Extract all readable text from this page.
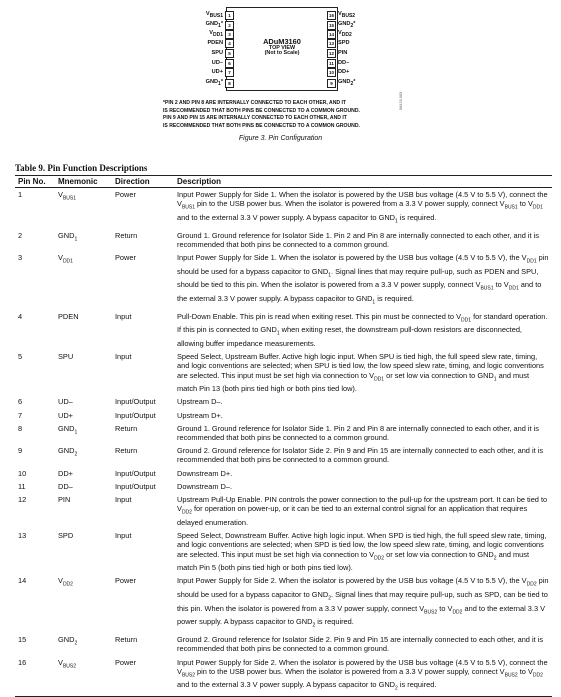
ADuM3160
TOP VIEW
(Not to Scale)
$V_{BUS1}$ 1
$GND_1*$ 2
$V_{DD1}$ 3
PDEN 4
SPU 5
UD– 6
UD+ 7
$GND_1*$ 8
16 $V_{BUS2}$
15 $GND_2*$
14 $V_{DD2}$
13 SPD
12 PIN
11 DD–
10 DD+
9 $GND_2*$
*PIN 2 AND PIN 8 ARE INTERNALLY CONNECTED TO EACH OTHER, AND IT
IS RECOMMENDED THAT BOTH PINS BE CONNECTED TO A COMMON GROUND.
PIN 9 AND PIN 15 ARE INTERNALLY CONNECTED TO EACH OTHER, AND IT
IS RECOMMENDED THAT BOTH PINS BE CONNECTED TO A COMMON GROUND.
06419-003
Figure 3. Pin Configuration
Table 9. Pin Function Descriptions
Pin No.	Mnemonic	Direction	Description
1	$V_{BUS1}$	Power	Input Power Supply for Side 1. When the isolator is powered by the USB bus voltage (4.5 V to 5.5 V), connect the $V_{BUS1}$ pin to the USB power bus. When the isolator is powered from a 3.3 V power supply, connect $V_{BUS1}$ to $V_{DD1}$ and to the external 3.3 V power supply. A bypass capacitor to $GND_1$ is required.
2	$GND_1$	Return	Ground 1. Ground reference for Isolator Side 1. Pin 2 and Pin 8 are internally connected to each other, and it is recommended that both pins be connected to a common ground.
3	$V_{DD1}$	Power	Input Power Supply for Side 1. When the isolator is powered by the USB bus voltage (4.5 V to 5.5 V), the $V_{DD1}$ pin should be used for a bypass capacitor to $GND_1$. Signal lines that may require pull-up, such as PDEN and SPU, should be tied to this pin. When the isolator is powered from a 3.3 V power supply, connect $V_{BUS1}$ to $V_{DD1}$ and to the external 3.3 V power supply. A bypass capacitor to $GND_1$ is required.
4	PDEN	Input	Pull-Down Enable. This pin is read when exiting reset. This pin must be connected to $V_{DD1}$ for standard operation. If this pin is connected to $GND_1$ when exiting reset, the downstream pull-down resistors are disconnected, allowing buffer impedance measurements.
5	SPU	Input	Speed Select, Upstream Buffer. Active high logic input. When SPU is tied high, the full speed slew rate, timing, and logic conventions are selected; when SPU is tied low, the low speed slew rate, timing, and logic conventions are selected. This input must be set high via connection to $V_{DD1}$ or set low via connection to $GND_1$ and must match Pin 13 (both pins tied high or both pins tied low).
6	UD–	Input/Output	Upstream D–.
7	UD+	Input/Output	Upstream D+.
8	$GND_1$	Return	Ground 1. Ground reference for Isolator Side 1. Pin 2 and Pin 8 are internally connected to each other, and it is recommended that both pins be connected to a common ground.
9	$GND_2$	Return	Ground 2. Ground reference for Isolator Side 2. Pin 9 and Pin 15 are internally connected to each other, and it is recommended that both pins be connected to a common ground.
10	DD+	Input/Output	Downstream D+.
11	DD–	Input/Output	Downstream D–.
12	PIN	Input	Upstream Pull-Up Enable. PIN controls the power connection to the pull-up for the upstream port. It can be tied to $V_{DD2}$ for operation on power-up, or it can be tied to an external control signal for an application that requires delayed enumeration.
13	SPD	Input	Speed Select, Downstream Buffer. Active high logic input. When SPD is tied high, the full speed slew rate, timing, and logic conventions are selected; when SPD is tied low, the low speed slew rate, timing, and logic conventions are selected. This input must be set high via connection to $V_{DD2}$ or set low via connection to $GND_2$ and must match Pin 5 (both pins tied high or both pins tied low).
14	$V_{DD2}$	Power	Input Power Supply for Side 2. When the isolator is powered by the USB bus voltage (4.5 V to 5.5 V), the $V_{DD2}$ pin should be used for a bypass capacitor to $GND_2$. Signal lines that may require pull-up, such as SPD, can be tied to this pin. When the isolator is powered from a 3.3 V power supply, connect $V_{BUS2}$ to $V_{DD2}$ and to the external 3.3 V power supply. A bypass capacitor to $GND_2$ is required.
15	$GND_2$	Return	Ground 2. Ground reference for Isolator Side 2. Pin 9 and Pin 15 are internally connected to each other, and it is recommended that both pins be connected to a common ground.
16	$V_{BUS2}$	Power	Input Power Supply for Side 2. When the isolator is powered by the USB bus voltage (4.5 V to 5.5 V), connect the $V_{BUS2}$ pin to the USB power bus. When the isolator is powered from a 3.3 V power supply, connect $V_{BUS2}$ to $V_{DD2}$ and to the external 3.3 V power supply. A bypass capacitor to $GND_2$ is required.
